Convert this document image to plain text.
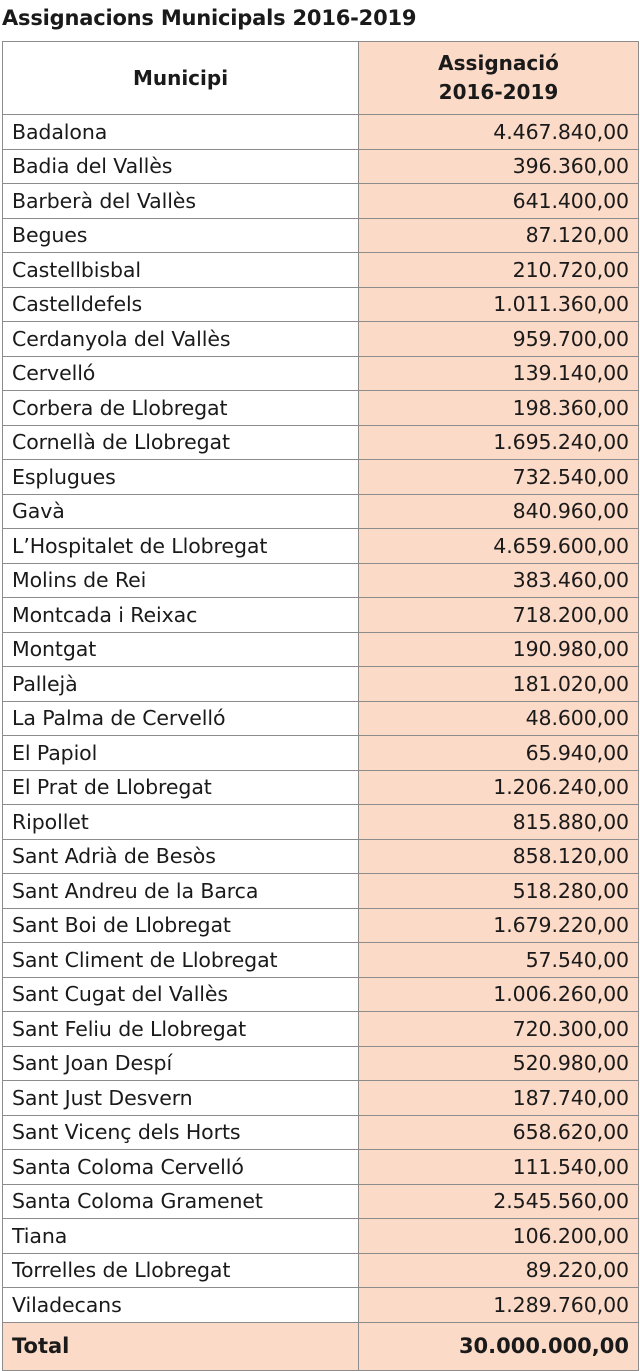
Assignacions Municipals 2016-2019
Municipi	Assignació
2016-2019

Badalona	4.467.840,00
Badia del Vallès	396.360,00
Barberà del Vallès	641.400,00
Begues	87.120,00
Castellbisbal	210.720,00
Castelldefels	1.011.360,00
Cerdanyola del Vallès	959.700,00
Cervelló	139.140,00
Corbera de Llobregat	198.360,00
Cornellà de Llobregat	1.695.240,00
Esplugues	732.540,00
Gavà	840.960,00
L’Hospitalet de Llobregat	4.659.600,00
Molins de Rei	383.460,00
Montcada i Reixac	718.200,00
Montgat	190.980,00
Pallejà	181.020,00
La Palma de Cervelló	48.600,00
El Papiol	65.940,00
El Prat de Llobregat	1.206.240,00
Ripollet	815.880,00
Sant Adrià de Besòs	858.120,00
Sant Andreu de la Barca	518.280,00
Sant Boi de Llobregat	1.679.220,00
Sant Climent de Llobregat	57.540,00
Sant Cugat del Vallès	1.006.260,00
Sant Feliu de Llobregat	720.300,00
Sant Joan Despí	520.980,00
Sant Just Desvern	187.740,00
Sant Vicenç dels Horts	658.620,00
Santa Coloma Cervelló	111.540,00
Santa Coloma Gramenet	2.545.560,00
Tiana	106.200,00
Torrelles de Llobregat	89.220,00
Viladecans	1.289.760,00
Total	30.000.000,00
